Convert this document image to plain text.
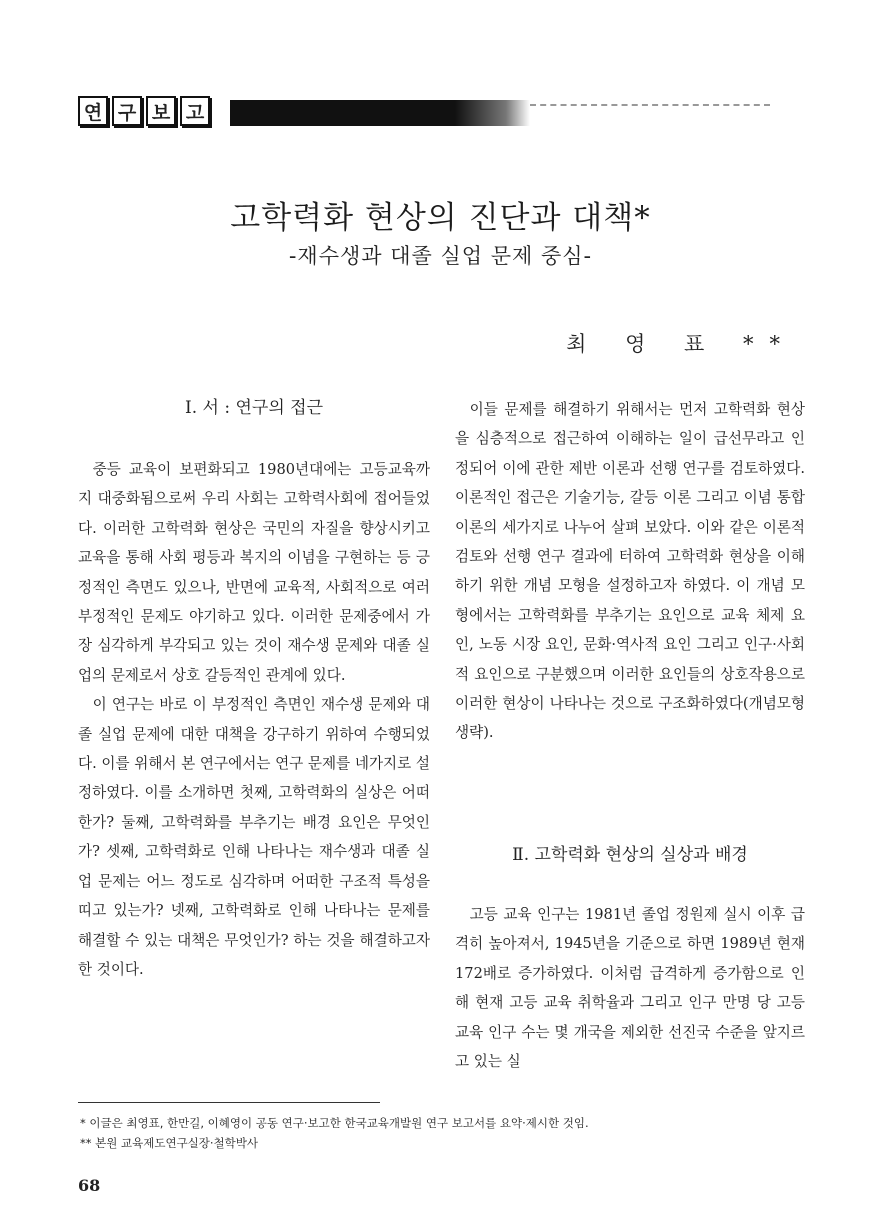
연 구 보 고
고학력화 현상의 진단과 대책*
-재수생과 대졸 실업 문제 중심-
최 영 표 **
Ⅰ. 서 : 연구의 접근

중등 교육이 보편화되고 1980년대에는 고등교육까지 대중화됨으로써 우리 사회는 고학력사회에 접어들었다. 이러한 고학력화 현상은 국민의 자질을 향상시키고 교육을 통해 사회 평등과 복지의 이념을 구현하는 등 긍정적인 측면도 있으나, 반면에 교육적, 사회적으로 여러 부정적인 문제도 야기하고 있다. 이러한 문제중에서 가장 심각하게 부각되고 있는 것이 재수생 문제와 대졸 실업의 문제로서 상호 갈등적인 관계에 있다.

이 연구는 바로 이 부정적인 측면인 재수생 문제와 대졸 실업 문제에 대한 대책을 강구하기 위하여 수행되었다. 이를 위해서 본 연구에서는 연구 문제를 네가지로 설정하였다. 이를 소개하면 첫째, 고학력화의 실상은 어떠한가? 둘째, 고학력화를 부추기는 배경 요인은 무엇인가? 셋째, 고학력화로 인해 나타나는 재수생과 대졸 실업 문제는 어느 정도로 심각하며 어떠한 구조적 특성을 띠고 있는가? 넷째, 고학력화로 인해 나타나는 문제를 해결할 수 있는 대책은 무엇인가? 하는 것을 해결하고자 한 것이다.

이들 문제를 해결하기 위해서는 먼저 고학력화 현상을 심층적으로 접근하여 이해하는 일이 급선무라고 인정되어 이에 관한 제반 이론과 선행 연구를 검토하였다. 이론적인 접근은 기술기능, 갈등 이론 그리고 이념 통합 이론의 세가지로 나누어 살펴 보았다. 이와 같은 이론적 검토와 선행 연구 결과에 터하여 고학력화 현상을 이해하기 위한 개념 모형을 설정하고자 하였다. 이 개념 모형에서는 고학력화를 부추기는 요인으로 교육 체제 요인, 노동 시장 요인, 문화·역사적 요인 그리고 인구·사회적 요인으로 구분했으며 이러한 요인들의 상호작용으로 이러한 현상이 나타나는 것으로 구조화하였다(개념모형 생략).

Ⅱ. 고학력화 현상의 실상과 배경

고등 교육 인구는 1981년 졸업 정원제 실시 이후 급격히 높아져서, 1945년을 기준으로 하면 1989년 현재 172배로 증가하였다. 이처럼 급격하게 증가함으로 인해 현재 고등 교육 취학율과 그리고 인구 만명 당 고등 교육 인구 수는 몇 개국을 제외한 선진국 수준을 앞지르고 있는 실

* 이글은 최영표, 한만길, 이혜영이 공동 연구·보고한 한국교육개발원 연구 보고서를 요약·제시한 것임.
** 본원 교육제도연구실장·철학박사
68
